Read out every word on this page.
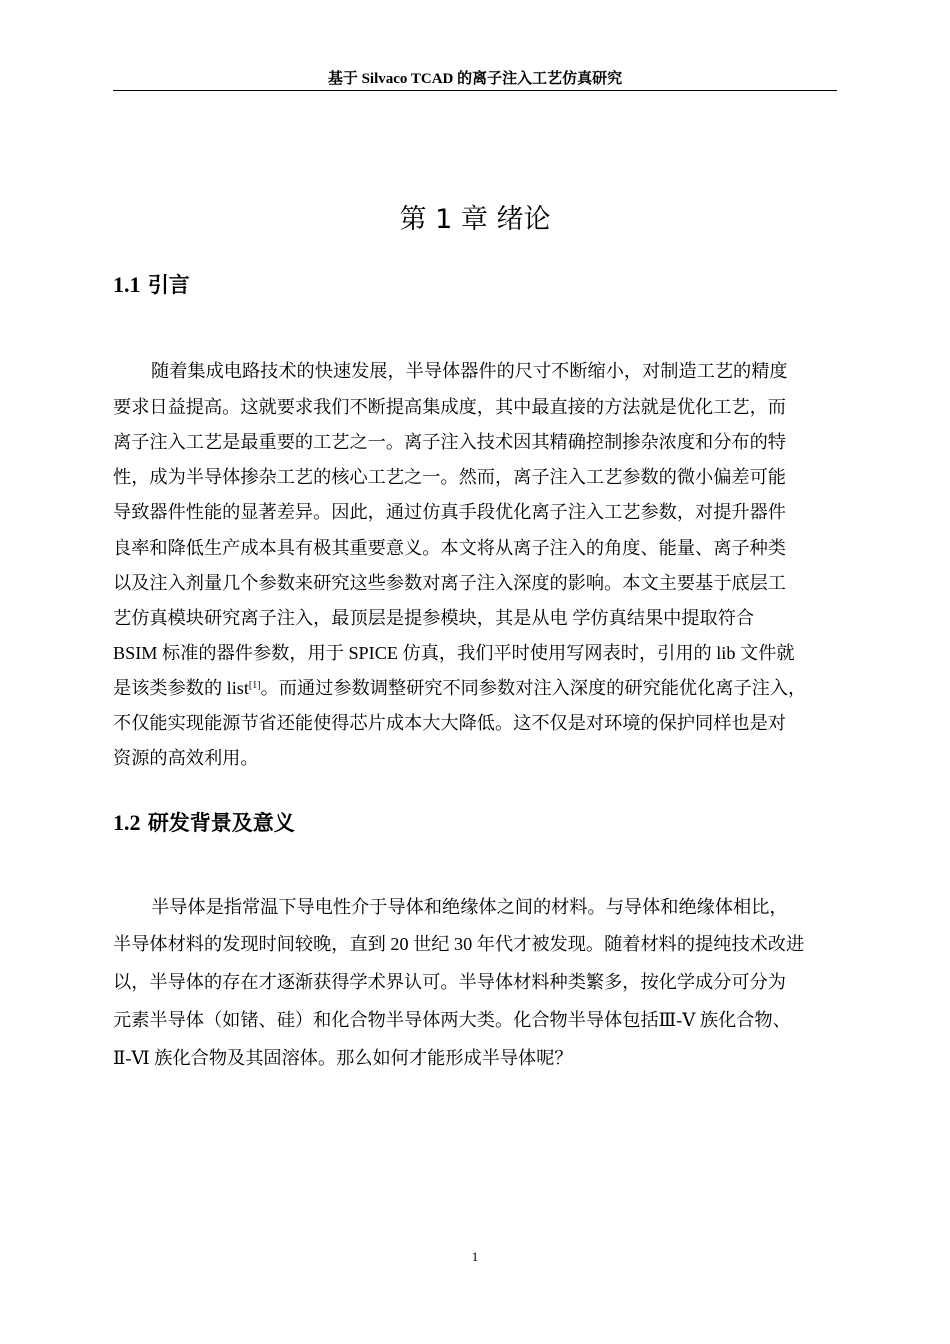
基于 Silvaco TCAD 的离子注入工艺仿真研究
第 1 章 绪论
1.1 引言
随着集成电路技术的快速发展，半导体器件的尺寸不断缩小，对制造工艺的精度
要求日益提高。这就要求我们不断提高集成度，其中最直接的方法就是优化工艺，而
离子注入工艺是最重要的工艺之一。离子注入技术因其精确控制掺杂浓度和分布的特
性，成为半导体掺杂工艺的核心工艺之一。然而，离子注入工艺参数的微小偏差可能
导致器件性能的显著差异。因此，通过仿真手段优化离子注入工艺参数，对提升器件
良率和降低生产成本具有极其重要意义。本文将从离子注入的角度、能量、离子种类
以及注入剂量几个参数来研究这些参数对离子注入深度的影响。本文主要基于底层工
艺仿真模块研究离子注入，最顶层是提参模块，其是从电 学仿真结果中提取符合
BSIM 标准的器件参数，用于 SPICE 仿真，我们平时使用写网表时，引用的 lib 文件就
是该类参数的 list[1]。而通过参数调整研究不同参数对注入深度的研究能优化离子注入，
不仅能实现能源节省还能使得芯片成本大大降低。这不仅是对环境的保护同样也是对
资源的高效利用。
1.2 研发背景及意义
半导体是指常温下导电性介于导体和绝缘体之间的材料。与导体和绝缘体相比，
半导体材料的发现时间较晚，直到 20 世纪 30 年代才被发现。随着材料的提纯技术改进
以，半导体的存在才逐渐获得学术界认可。半导体材料种类繁多，按化学成分可分为
元素半导体（如锗、硅）和化合物半导体两大类。化合物半导体包括Ⅲ-Ⅴ 族化合物、
Ⅱ-Ⅵ 族化合物及其固溶体。那么如何才能形成半导体呢？
1
